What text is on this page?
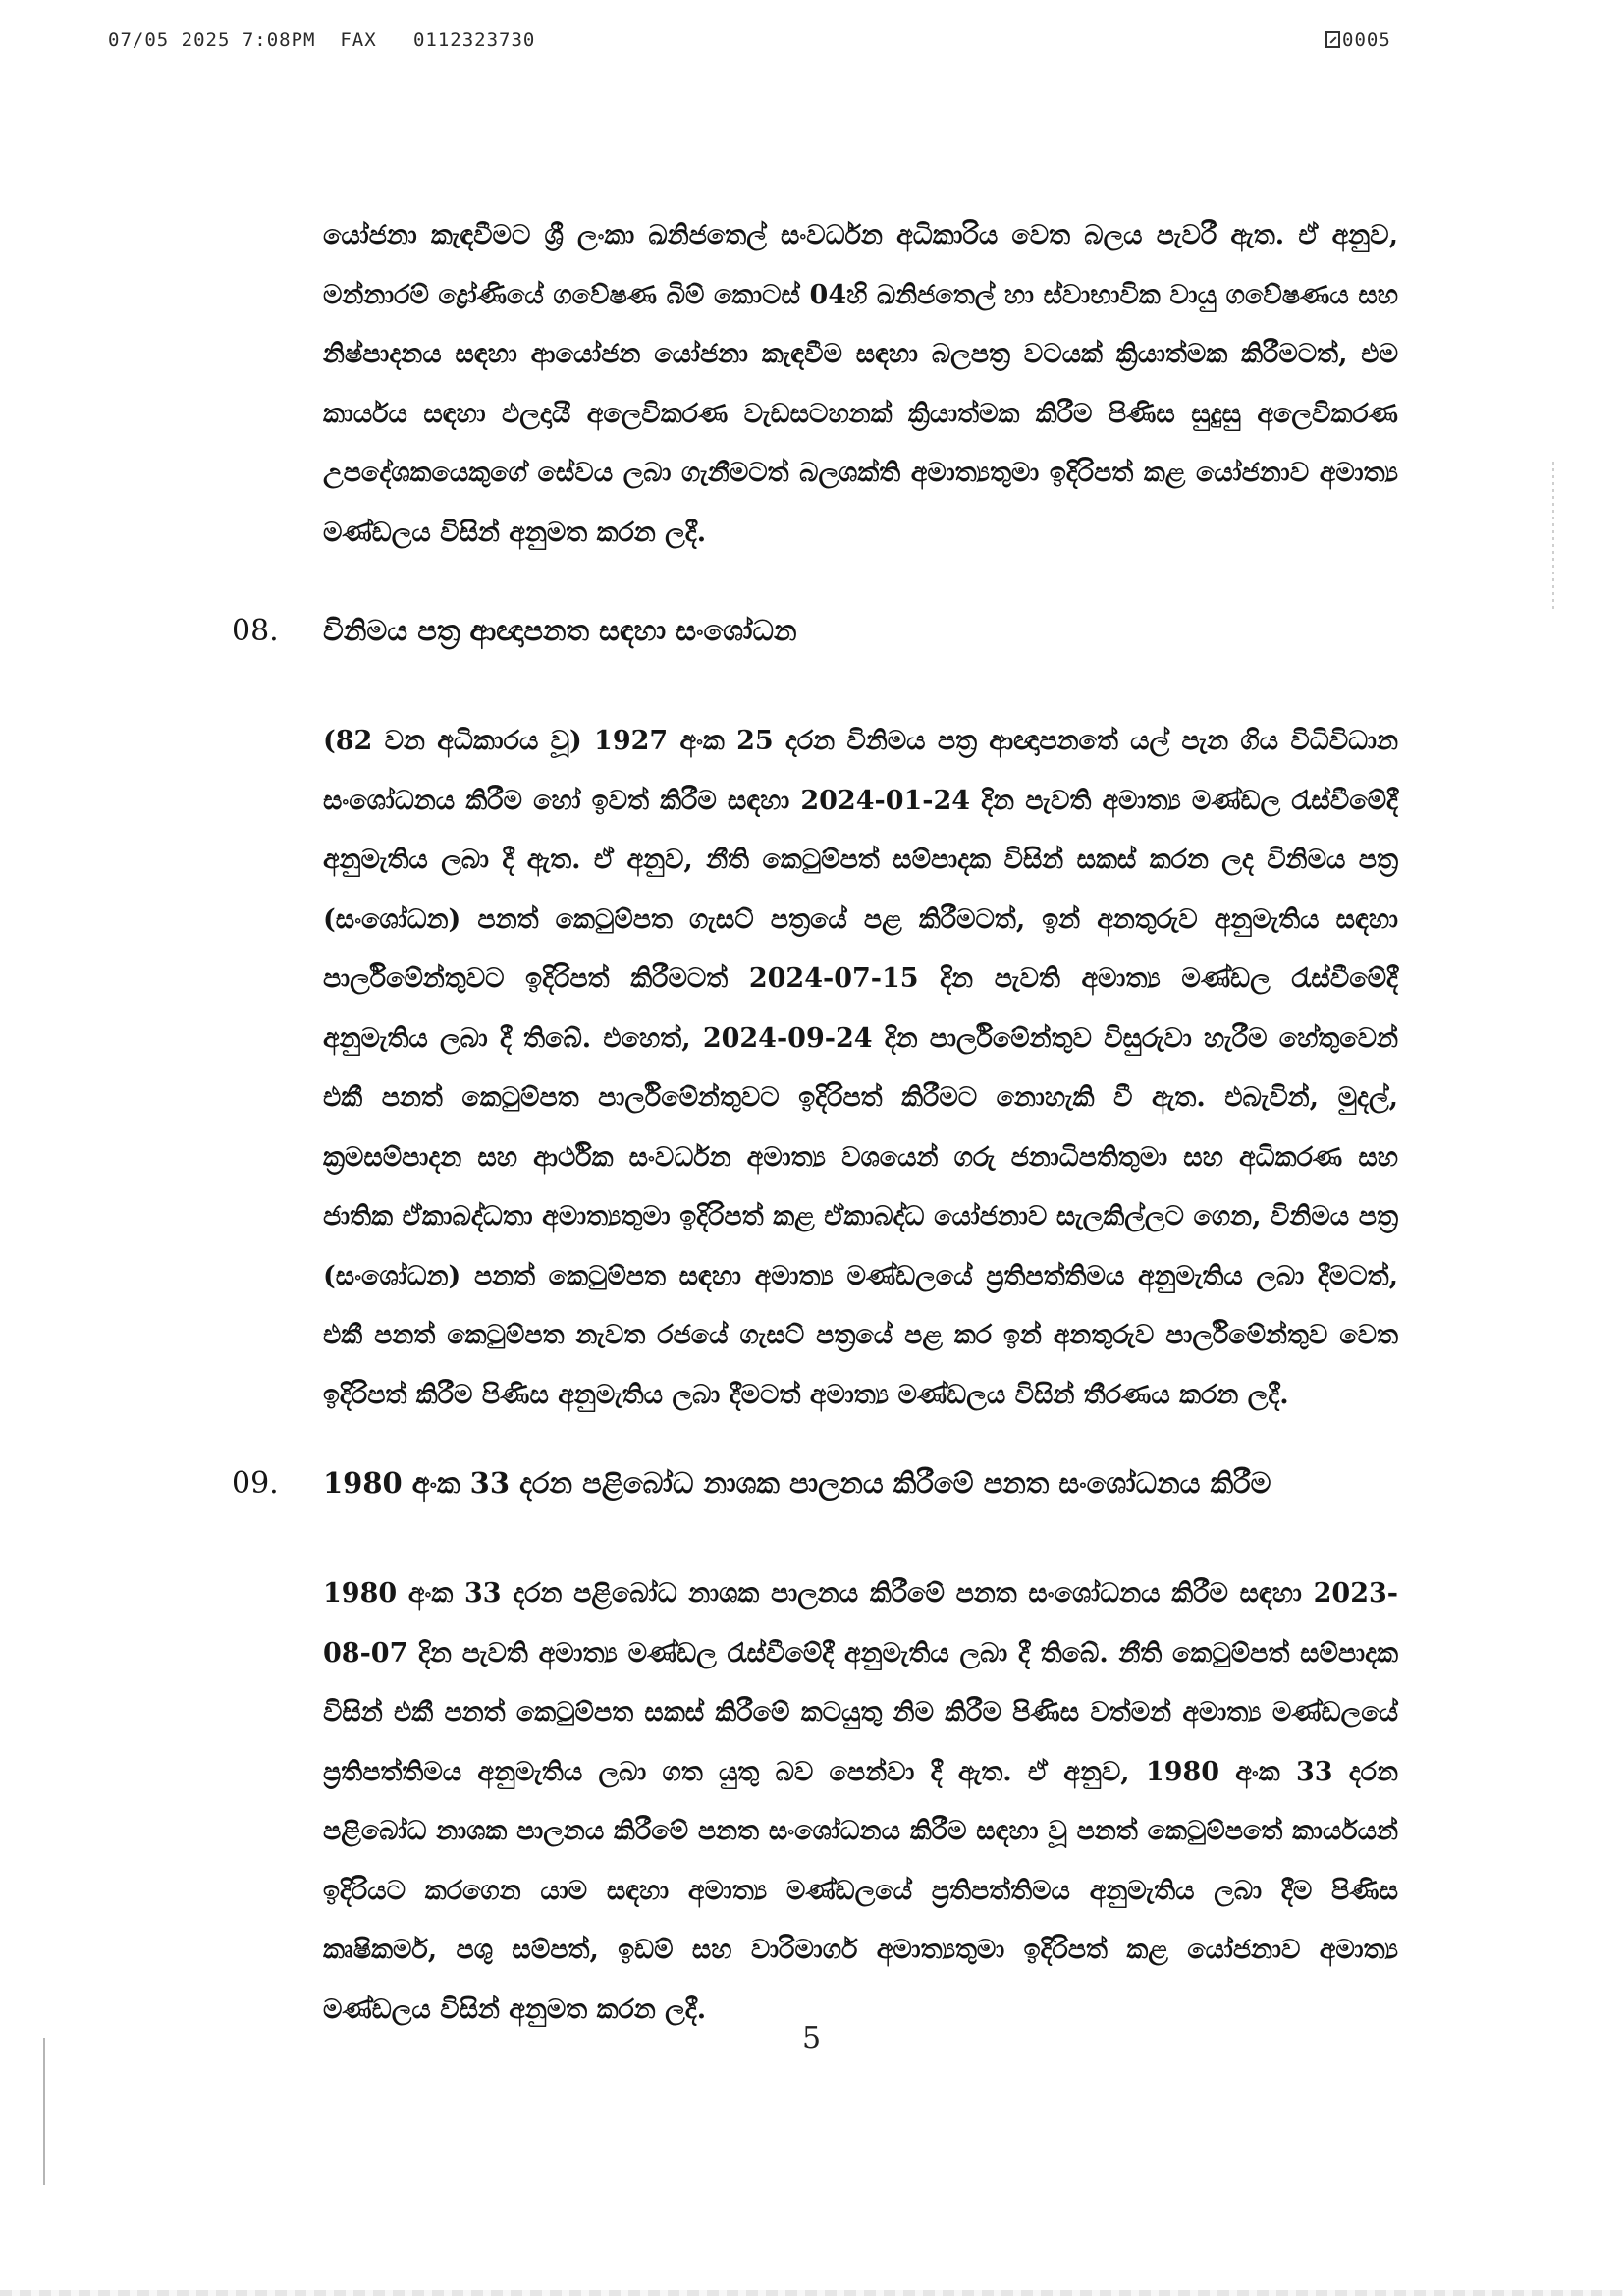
07/05 2025 7:08PM  FAX   0112323730	0005

යෝජනා කැඳවීමට ශ්‍රී ලංකා ඛනිජතෙල් සංවර්ධන අධිකාරිය වෙත බලය පැවරී ඇත. ඒ අනුව, මන්නාරම් ද්‍රෝණියේ ගවේෂණ බිම් කොටස් 04හි ඛනිජතෙල් හා ස්වාභාවික වායු ගවේෂණය සහ නිෂ්පාදනය සඳහා ආයෝජන යෝජනා කැඳවීම සඳහා බලපත්‍ර වටයක් ක්‍රියාත්මක කිරීමටත්, එම කාර්යය සඳහා ඵලදායී අලෙවිකරණ වැඩසටහනක් ක්‍රියාත්මක කිරීම පිණිස සුදුසු අලෙවිකරණ උපදේශකයෙකුගේ සේවය ලබා ගැනීමටත් බලශක්ති අමාත්‍යතුමා ඉදිරිපත් කළ යෝජනාව අමාත්‍ය මණ්ඩලය විසින් අනුමත කරන ලදී.

08.	විනිමය පත්‍ර ආඥාපනත සඳහා සංශෝධන

(82 වන අධිකාරය වූ) 1927 අංක 25 දරන විනිමය පත්‍ර ආඥාපනතේ යල් පැන ගිය විධිවිධාන සංශෝධනය කිරීම හෝ ඉවත් කිරීම සඳහා 2024-01-24 දින පැවති අමාත්‍ය මණ්ඩල රැස්වීමේදී අනුමැතිය ලබා දී ඇත. ඒ අනුව, නීති කෙටුම්පත් සම්පාදක විසින් සකස් කරන ලද විනිමය පත්‍ර (සංශෝධන) පනත් කෙටුම්පත ගැසට් පත්‍රයේ පළ කිරීමටත්, ඉන් අනතුරුව අනුමැතිය සඳහා පාර්ලිමේන්තුවට ඉදිරිපත් කිරීමටත් 2024-07-15 දින පැවති අමාත්‍ය මණ්ඩල රැස්වීමේදී අනුමැතිය ලබා දී තිබේ. එහෙත්, 2024-09-24 දින පාර්ලිමේන්තුව විසුරුවා හැරීම හේතුවෙන් එකී පනත් කෙටුම්පත පාර්ලිමේන්තුවට ඉදිරිපත් කිරීමට නොහැකි වී ඇත. එබැවින්, මුදල්, ක්‍රමසම්පාදන සහ ආර්ථික සංවර්ධන අමාත්‍ය වශයෙන් ගරු ජනාධිපතිතුමා සහ අධිකරණ සහ ජාතික ඒකාබද්ධතා අමාත්‍යතුමා ඉදිරිපත් කළ ඒකාබද්ධ යෝජනාව සැලකිල්ලට ගෙන, විනිමය පත්‍ර (සංශෝධන) පනත් කෙටුම්පත සඳහා අමාත්‍ය මණ්ඩලයේ ප්‍රතිපත්තිමය අනුමැතිය ලබා දීමටත්, එකී පනත් කෙටුම්පත නැවත රජයේ ගැසට් පත්‍රයේ පළ කර ඉන් අනතුරුව පාර්ලිමේන්තුව වෙත ඉදිරිපත් කිරීම පිණිස අනුමැතිය ලබා දීමටත් අමාත්‍ය මණ්ඩලය විසින් තීරණය කරන ලදී.

09.	1980 අංක 33 දරන පළිබෝධ නාශක පාලනය කිරීමේ පනත සංශෝධනය කිරීම

1980 අංක 33 දරන පළිබෝධ නාශක පාලනය කිරීමේ පනත සංශෝධනය කිරීම සඳහා 2023-08-07 දින පැවති අමාත්‍ය මණ්ඩල රැස්වීමේදී අනුමැතිය ලබා දී තිබේ. නීති කෙටුම්පත් සම්පාදක විසින් එකී පනත් කෙටුම්පත සකස් කිරීමේ කටයුතු නිම කිරීම පිණිස වත්මන් අමාත්‍ය මණ්ඩලයේ ප්‍රතිපත්තිමය අනුමැතිය ලබා ගත යුතු බව පෙන්වා දී ඇත. ඒ අනුව, 1980 අංක 33 දරන පළිබෝධ නාශක පාලනය කිරීමේ පනත සංශෝධනය කිරීම සඳහා වූ පනත් කෙටුම්පතේ කාර්යයන් ඉදිරියට කරගෙන යාම සඳහා අමාත්‍ය මණ්ඩලයේ ප්‍රතිපත්තිමය අනුමැතිය ලබා දීම පිණිස කෘෂිකර්ම, පශු සම්පත්, ඉඩම් සහ වාරිමාර්ග අමාත්‍යතුමා ඉදිරිපත් කළ යෝජනාව අමාත්‍ය මණ්ඩලය විසින් අනුමත කරන ලදී.

5
